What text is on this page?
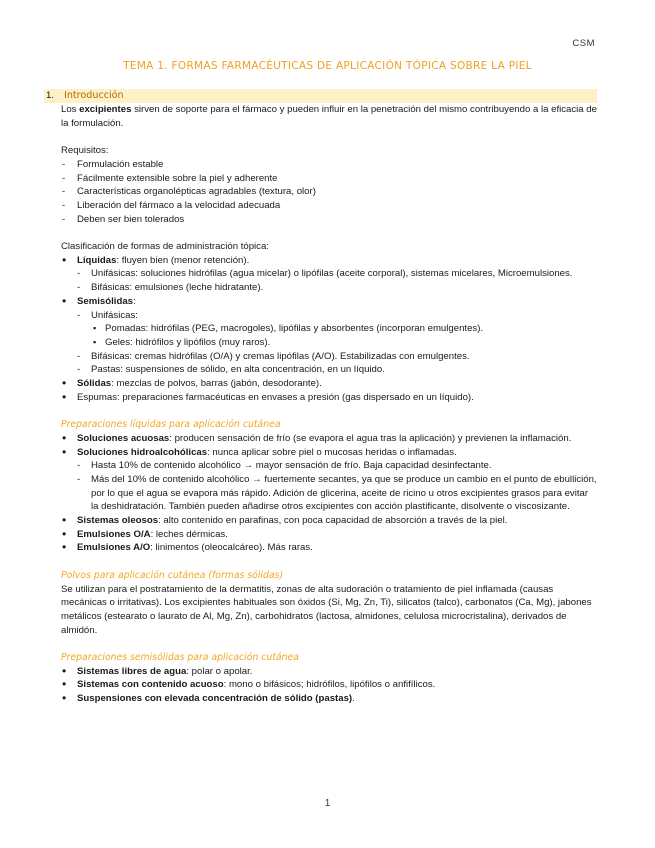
CSM
TEMA 1. FORMAS FARMACÉUTICAS DE APLICACIÓN TÓPICA SOBRE LA PIEL
1.	Introducción

Los excipientes sirven de soporte para el fármaco y pueden influir en la penetración del mismo contribuyendo a la eficacia de la formulación.

Requisitos:

- Formulación estable
- Fácilmente extensible sobre la piel y adherente
- Características organolépticas agradables (textura, olor)
- Liberación del fármaco a la velocidad adecuada
- Deben ser bien tolerados

Clasificación de formas de administración tópica:

• Líquidas: fluyen bien (menor retención).
- Unifásicas: soluciones hidrófilas (agua micelar) o lipófilas (aceite corporal), sistemas micelares, Microemulsiones.
- Bifásicas: emulsiones (leche hidratante).
• Semisólidas:
- Unifásicas:
▪ Pomadas: hidrófilas (PEG, macrogoles), lipófilas y absorbentes (incorporan emulgentes).
▪ Geles: hidrófilos y lipófilos (muy raros).
- Bifásicas: cremas hidrófilas (O/A) y cremas lipófilas (A/O). Estabilizadas con emulgentes.
- Pastas: suspensiones de sólido, en alta concentración, en un líquido.
• Sólidas: mezclas de polvos, barras (jabón, desodorante).
• Espumas: preparaciones farmacéuticas en envases a presión (gas dispersado en un líquido).

Preparaciones líquidas para aplicación cutánea

• Soluciones acuosas: producen sensación de frío (se evapora el agua tras la aplicación) y previenen la inflamación.
• Soluciones hidroalcohólicas: nunca aplicar sobre piel o mucosas heridas o inflamadas.
- Hasta 10% de contenido alcohólico → mayor sensación de frío. Baja capacidad desinfectante.
- Más del 10% de contenido alcohólico → fuertemente secantes, ya que se produce un cambio en el punto de ebullición, por lo que el agua se evapora más rápido. Adición de glicerina, aceite de ricino u otros excipientes grasos para evitar la deshidratación. También pueden añadirse otros excipientes con acción plastificante, disolvente o viscosizante.
• Sistemas oleosos: alto contenido en parafinas, con poca capacidad de absorción a través de la piel.
• Emulsiones O/A: leches dérmicas.
• Emulsiones A/O: linimentos (oleocalcáreo). Más raras.

Polvos para aplicación cutánea (formas sólidas)

Se utilizan para el postratamiento de la dermatitis, zonas de alta sudoración o tratamiento de piel inflamada (causas mecánicas o irritativas). Los excipientes habituales son óxidos (Si, Mg, Zn, Ti), silicatos (talco), carbonatos (Ca, Mg), jabones metálicos (estearato o laurato de Al, Mg, Zn), carbohidratos (lactosa, almidones, celulosa microcristalina), derivados de almidón.

Preparaciones semisólidas para aplicación cutánea

• Sistemas libres de agua: polar o apolar.
• Sistemas con contenido acuoso: mono o bifásicos; hidrófilos, lipófilos o anfifílicos.
• Suspensiones con elevada concentración de sólido (pastas).
1
